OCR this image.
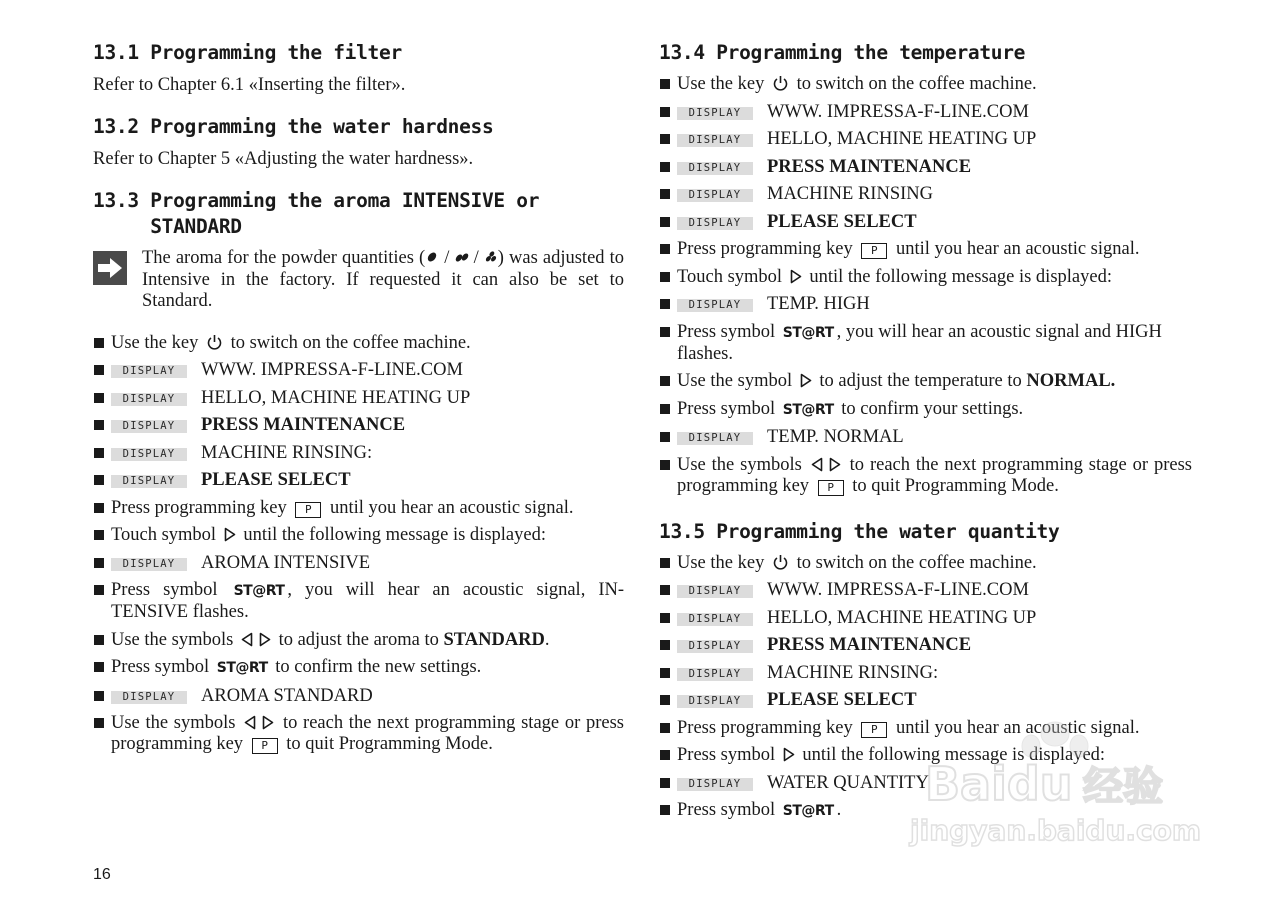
13.1 Programming the filter

Refer to Chapter 6.1 «Inserting the filter».

13.2 Programming the water hardness

Refer to Chapter 5 «Adjusting the water hardness».

13.3 Programming the aroma INTENSIVE or STANDARD
The aroma for the powder quantities ( /  / ) was adjusted to Intensive in the factory. If requested it can also be set to Standard.
Use the key to switch on the coffee machine.
DISPLAY WWW. IMPRESSA-F-LINE.COM
DISPLAY HELLO, MACHINE HEATING UP
DISPLAY PRESS MAINTENANCE
DISPLAY MACHINE RINSING:
DISPLAY PLEASE SELECT
Press programming key P until you hear an acoustic signal.
Touch symbol until the following message is displayed:
DISPLAY AROMA INTENSIVE
Press symbol ST@RT , you will hear an acoustic signal, IN-TENSIVE flashes.
Use the symbols to adjust the aroma to STANDARD.
Press symbol ST@RT to confirm the new settings.
DISPLAY AROMA STANDARD
Use the symbols	to reach the next programming stage or press programming key P to quit Programming Mode.
13.4 Programming the temperature
Use the key to switch on the coffee machine.
DISPLAY WWW. IMPRESSA-F-LINE.COM
DISPLAY HELLO, MACHINE HEATING UP
DISPLAY PRESS MAINTENANCE
DISPLAY MACHINE RINSING
DISPLAY PLEASE SELECT
Press programming key P until you hear an acoustic signal.
Touch symbol until the following message is displayed:
DISPLAY TEMP. HIGH
Press symbol ST@RT , you will hear an acoustic signal and HIGH flashes.
Use the symbol to adjust the temperature to NORMAL.
Press symbol ST@RT to confirm your settings.
DISPLAY TEMP. NORMAL
Use the symbols	to reach the next programming stage or press programming key P to quit Programming Mode.
13.5 Programming the water quantity
Use the key to switch on the coffee machine.
DISPLAY WWW. IMPRESSA-F-LINE.COM
DISPLAY HELLO, MACHINE HEATING UP
DISPLAY PRESS MAINTENANCE
DISPLAY MACHINE RINSING:
DISPLAY PLEASE SELECT
Press programming key P until you hear an acoustic signal.
Press symbol until the following message is displayed:
DISPLAY WATER QUANTITY
Press symbol ST@RT .
16
Baidu 经验
jingyan.baidu.com
